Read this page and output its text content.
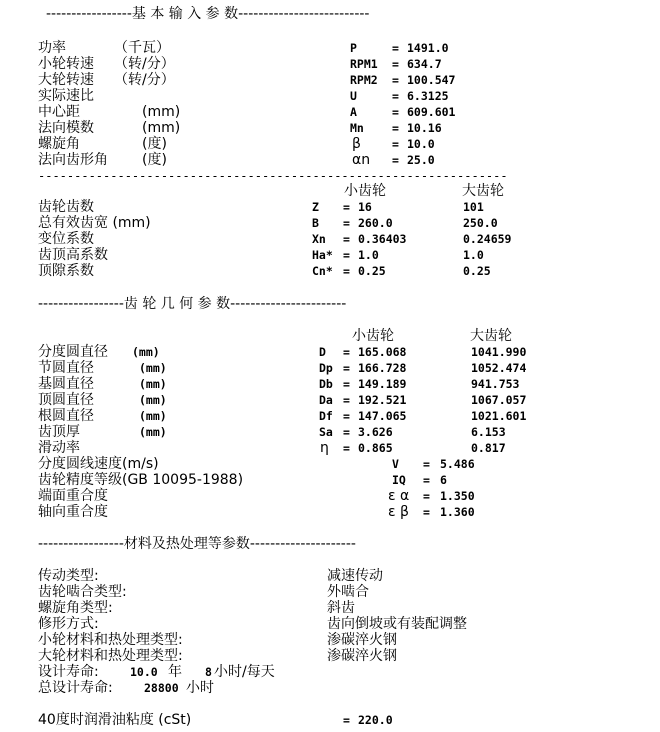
-----------------基 本 输 入 参 数--------------------------
功率	（千瓦）	P	= 1491.0
小轮转速 （转/分）	RPM1 = 634.7
大轮转速 （转/分）	RPM2 = 100.547
实际速比	U	= 6.3125
中心距	(mm)	A	= 609.601
法向模数	(mm)	Mn = 10.16
螺旋角	(度)	β	= 10.0
法向齿形角 (度)	αn = 25.0
-----------------------------------------------------------------
小齿轮	大齿轮
齿轮齿数	Z = 16	101
总有效齿宽 (mm)	B = 260.0	250.0
变位系数	Xn = 0.36403	0.24659
齿顶高系数	Ha* = 1.0	1.0
顶隙系数	Cn* = 0.25	0.25
-----------------齿 轮 几 何 参 数-----------------------
小齿轮	大齿轮
分度圆直径 (mm)	D = 165.068	1041.990
节圆直径	(mm)	Dp = 166.728	1052.474
基圆直径	(mm)	Db = 149.189	941.753
顶圆直径	(mm)	Da = 192.521	1067.057
根圆直径	(mm)	Df = 147.065	1021.601
齿顶厚	(mm)	Sa = 3.626	6.153
滑动率	η = 0.865	0.817
分度圆线速度(m/s)	V = 5.486
齿轮精度等级(GB 10095-1988)	IQ = 6
端面重合度	ε α = 1.350
轴向重合度	ε β = 1.360
-----------------材料及热处理等参数---------------------
传动类型:	减速传动
齿轮啮合类型:	外啮合
螺旋角类型:	斜齿
修形方式:	齿向倒坡或有装配调整
小轮材料和热处理类型:	渗碳淬火钢
大轮材料和热处理类型:	渗碳淬火钢
设计寿命:	10.0 年 8 小时/每天
总设计寿命:	28800 小时
40度时润滑油粘度 (cSt)	= 220.0
